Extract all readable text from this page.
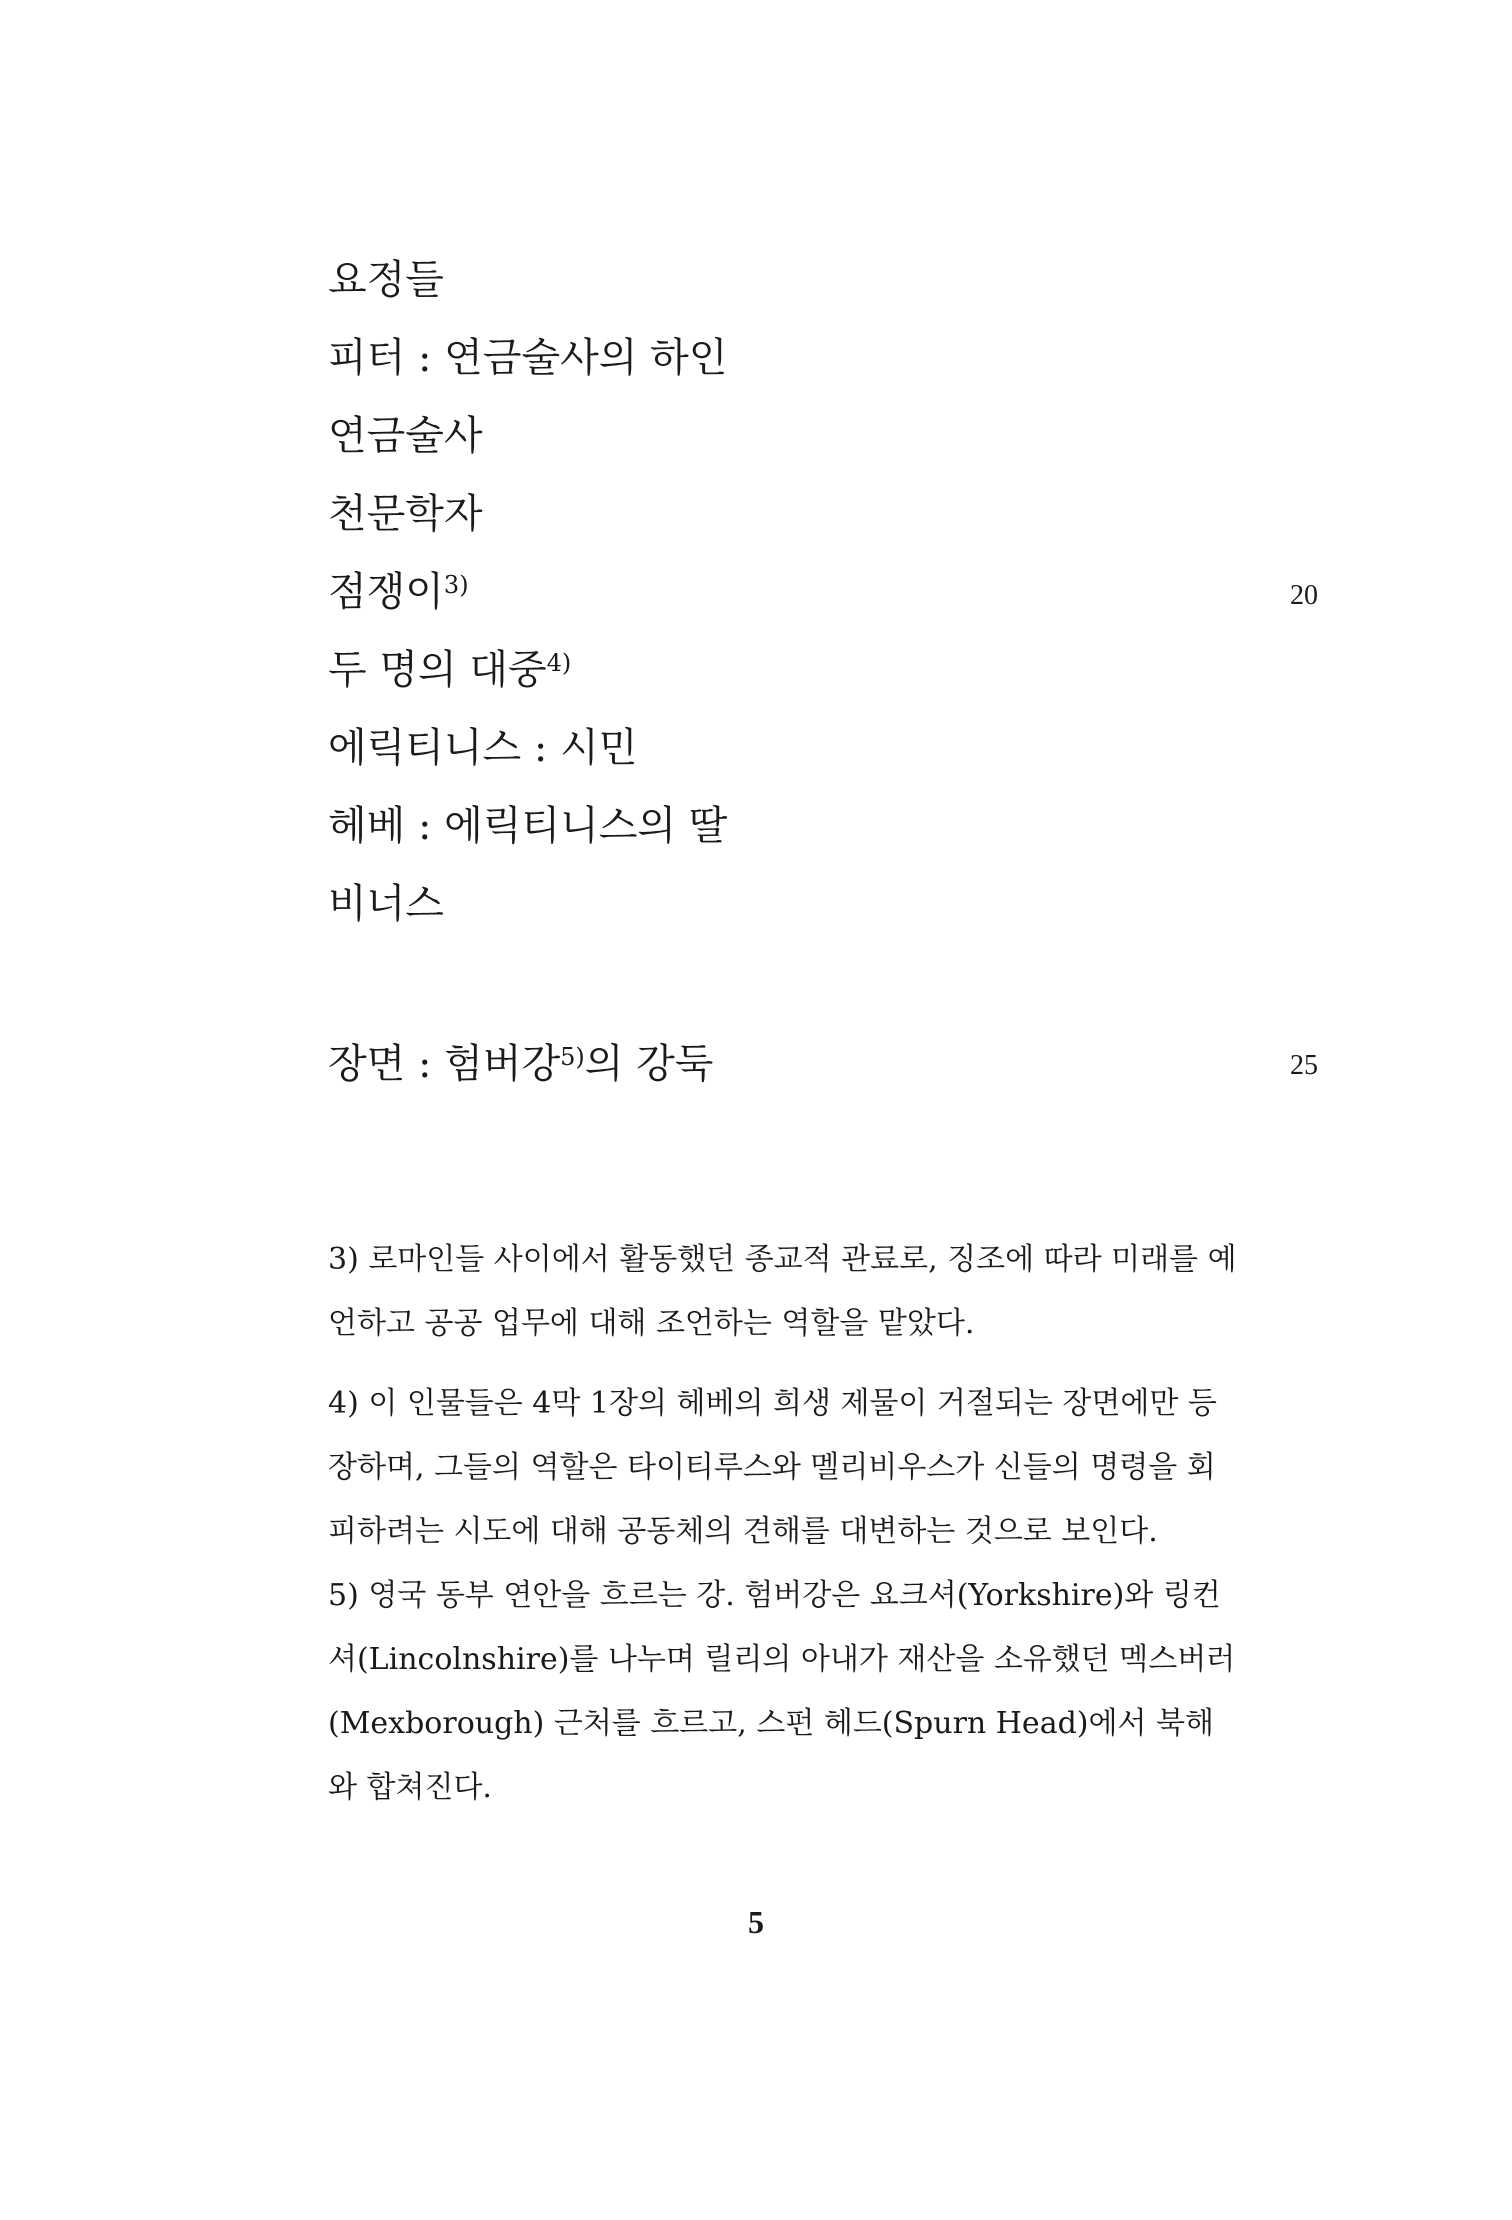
요정들
피터 : 연금술사의 하인
연금술사
천문학자
점쟁이$^{3)}$
두 명의 대중$^{4)}$
에릭티니스 : 시민
헤베 : 에릭티니스의 딸
비너스
20
장면 : 험버강$^{5)}$의 강둑	25
3) 로마인들 사이에서 활동했던 종교적 관료로, 징조에 따라 미래를 예언하고 공공 업무에 대해 조언하는 역할을 맡았다.
4) 이 인물들은 4막 1장의 헤베의 희생 제물이 거절되는 장면에만 등장하며, 그들의 역할은 타이티루스와 멜리비우스가 신들의 명령을 회피하려는 시도에 대해 공동체의 견해를 대변하는 것으로 보인다.
5) 영국 동부 연안을 흐르는 강. 험버강은 요크셔(Yorkshire)와 링컨셔(Lincolnshire)를 나누며 릴리의 아내가 재산을 소유했던 멕스버러(Mexborough) 근처를 흐르고, 스펀 헤드(Spurn Head)에서 북해와 합쳐진다.
5
